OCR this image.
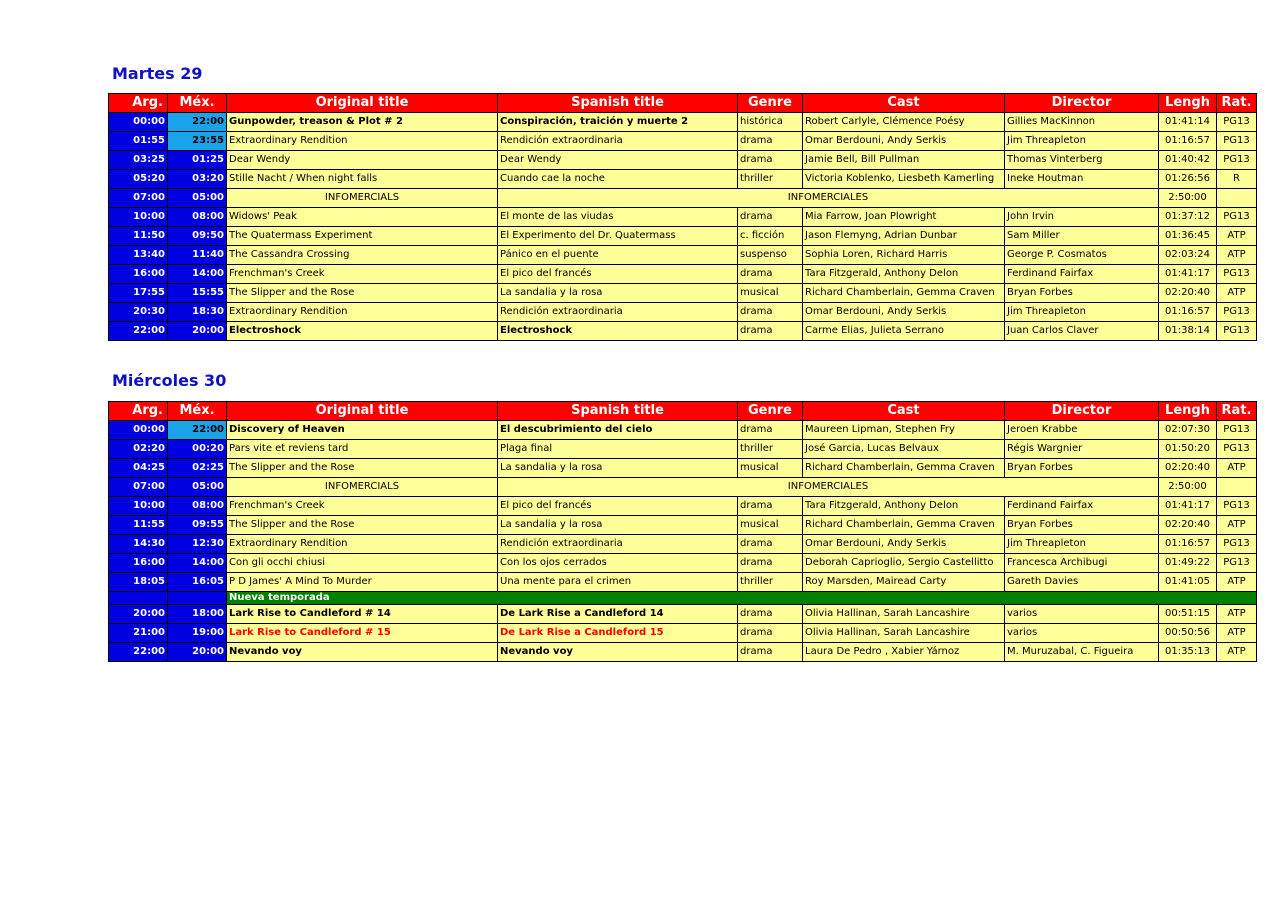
Martes 29
Arg.	Méx.	Original title	Spanish title	Genre	Cast	Director	Lengh	Rat.
00:00	22:00	Gunpowder, treason & Plot # 2	Conspiración, traición y muerte 2	histórica	Robert Carlyle, Clémence Poésy	Gillies MacKinnon	01:41:14	PG13
01:55	23:55	Extraordinary Rendition	Rendición extraordinaria	drama	Omar Berdouni, Andy Serkis	Jim Threapleton	01:16:57	PG13
03:25	01:25	Dear Wendy	Dear Wendy	drama	Jamie Bell, Bill Pullman	Thomas Vinterberg	01:40:42	PG13
05:20	03:20	Stille Nacht / When night falls	Cuando cae la noche	thriller	Victoria Koblenko, Liesbeth Kamerling	Ineke Houtman	01:26:56	R
07:00	05:00	INFOMERCIALS	INFOMERCIALES				2:50:00	
10:00	08:00	Widows' Peak	El monte de las viudas	drama	Mia Farrow, Joan Plowright	John Irvin	01:37:12	PG13
11:50	09:50	The Quatermass Experiment	El Experimento del Dr. Quatermass	c. ficción	Jason Flemyng, Adrian Dunbar	Sam Miller	01:36:45	ATP
13:40	11:40	The Cassandra Crossing	Pánico en el puente	suspenso	Sophia Loren, Richard Harris	George P. Cosmatos	02:03:24	ATP
16:00	14:00	Frenchman's Creek	El pico del francés	drama	Tara Fitzgerald, Anthony Delon	Ferdinand Fairfax	01:41:17	PG13
17:55	15:55	The Slipper and the Rose	La sandalia y la rosa	musical	Richard Chamberlain, Gemma Craven	Bryan Forbes	02:20:40	ATP
20:30	18:30	Extraordinary Rendition	Rendición extraordinaria	drama	Omar Berdouni, Andy Serkis	Jim Threapleton	01:16:57	PG13
22:00	20:00	Electroshock	Electroshock	drama	Carme Elias, Julieta Serrano	Juan Carlos Claver	01:38:14	PG13
Miércoles 30
Arg.	Méx.	Original title	Spanish title	Genre	Cast	Director	Lengh	Rat.
00:00	22:00	Discovery of Heaven	El descubrimiento del cielo	drama	Maureen Lipman, Stephen Fry	Jeroen Krabbe	02:07:30	PG13
02:20	00:20	Pars vite et reviens tard	Plaga final	thriller	José Garcia, Lucas Belvaux	Régis Wargnier	01:50:20	PG13
04:25	02:25	The Slipper and the Rose	La sandalia y la rosa	musical	Richard Chamberlain, Gemma Craven	Bryan Forbes	02:20:40	ATP
07:00	05:00	INFOMERCIALS	INFOMERCIALES				2:50:00	
10:00	08:00	Frenchman's Creek	El pico del francés	drama	Tara Fitzgerald, Anthony Delon	Ferdinand Fairfax	01:41:17	PG13
11:55	09:55	The Slipper and the Rose	La sandalia y la rosa	musical	Richard Chamberlain, Gemma Craven	Bryan Forbes	02:20:40	ATP
14:30	12:30	Extraordinary Rendition	Rendición extraordinaria	drama	Omar Berdouni, Andy Serkis	Jim Threapleton	01:16:57	PG13
16:00	14:00	Con gli occhi chiusi	Con los ojos cerrados	drama	Deborah Caprioglio, Sergio Castellitto	Francesca Archibugi	01:49:22	PG13
18:05	16:05	P D James' A Mind To Murder	Una mente para el crimen	thriller	Roy Marsden, Mairead Carty	Gareth Davies	01:41:05	ATP
		Nueva temporada						
20:00	18:00	Lark Rise to Candleford # 14	De Lark Rise a Candleford 14	drama	Olivia Hallinan, Sarah Lancashire	varios	00:51:15	ATP
21:00	19:00	Lark Rise to Candleford # 15	De Lark Rise a Candleford 15	drama	Olivia Hallinan, Sarah Lancashire	varios	00:50:56	ATP
22:00	20:00	Nevando voy	Nevando voy	drama	Laura De Pedro , Xabier Yárnoz	M. Muruzabal, C. Figueira	01:35:13	ATP
